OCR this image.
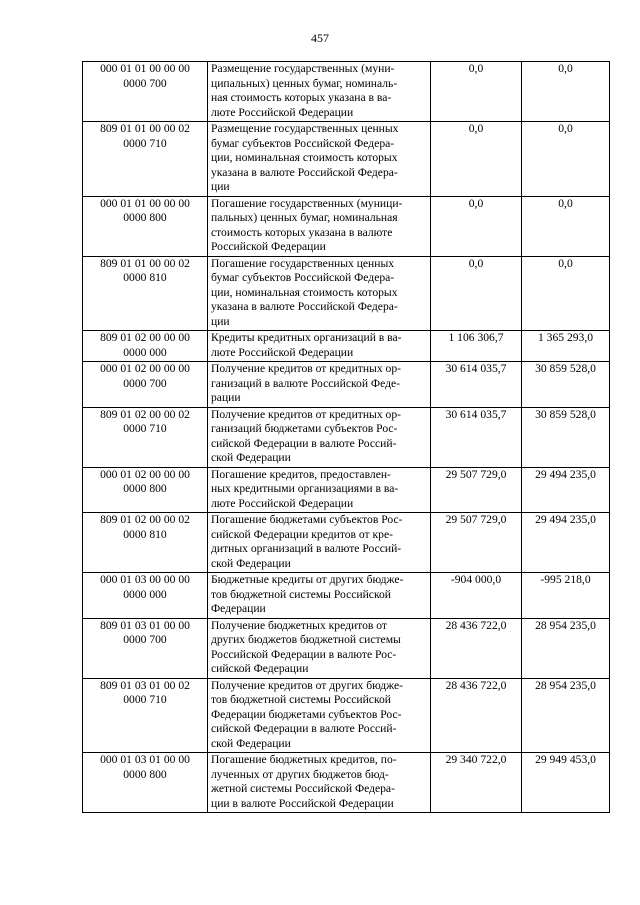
457
000 01 01 00 00 00
0000 700	Размещение государственных (муни-
ципальных) ценных бумаг, номиналь-
ная стоимость которых указана в ва-
люте Российской Федерации	0,0	0,0
809 01 01 00 00 02
0000 710	Размещение государственных ценных
бумаг субъектов Российской Федера-
ции, номинальная стоимость которых
указана в валюте Российской Федера-
ции	0,0	0,0
000 01 01 00 00 00
0000 800	Погашение государственных (муници-
пальных) ценных бумаг, номинальная
стоимость которых указана в валюте
Российской Федерации	0,0	0,0
809 01 01 00 00 02
0000 810	Погашение государственных ценных
бумаг субъектов Российской Федера-
ции, номинальная стоимость которых
указана в валюте Российской Федера-
ции	0,0	0,0
809 01 02 00 00 00
0000 000	Кредиты кредитных организаций в ва-
люте Российской Федерации	1 106 306,7	1 365 293,0
000 01 02 00 00 00
0000 700	Получение кредитов от кредитных ор-
ганизаций в валюте Российской Феде-
рации	30 614 035,7	30 859 528,0
809 01 02 00 00 02
0000 710	Получение кредитов от кредитных ор-
ганизаций бюджетами субъектов Рос-
сийской Федерации в валюте Россий-
ской Федерации	30 614 035,7	30 859 528,0
000 01 02 00 00 00
0000 800	Погашение кредитов, предоставлен-
ных кредитными организациями в ва-
люте Российской Федерации	29 507 729,0	29 494 235,0
809 01 02 00 00 02
0000 810	Погашение бюджетами субъектов Рос-
сийской Федерации кредитов от кре-
дитных организаций в валюте Россий-
ской Федерации	29 507 729,0	29 494 235,0
000 01 03 00 00 00
0000 000	Бюджетные кредиты от других бюдже-
тов бюджетной системы Российской
Федерации	-904 000,0	-995 218,0
809 01 03 01 00 00
0000 700	Получение бюджетных кредитов от
других бюджетов бюджетной системы
Российской Федерации в валюте Рос-
сийской Федерации	28 436 722,0	28 954 235,0
809 01 03 01 00 02
0000 710	Получение кредитов от других бюдже-
тов бюджетной системы Российской
Федерации бюджетами субъектов Рос-
сийской Федерации в валюте Россий-
ской Федерации	28 436 722,0	28 954 235,0
000 01 03 01 00 00
0000 800	Погашение бюджетных кредитов, по-
лученных от других бюджетов бюд-
жетной системы Российской Федера-
ции в валюте Российской Федерации	29 340 722,0	29 949 453,0
